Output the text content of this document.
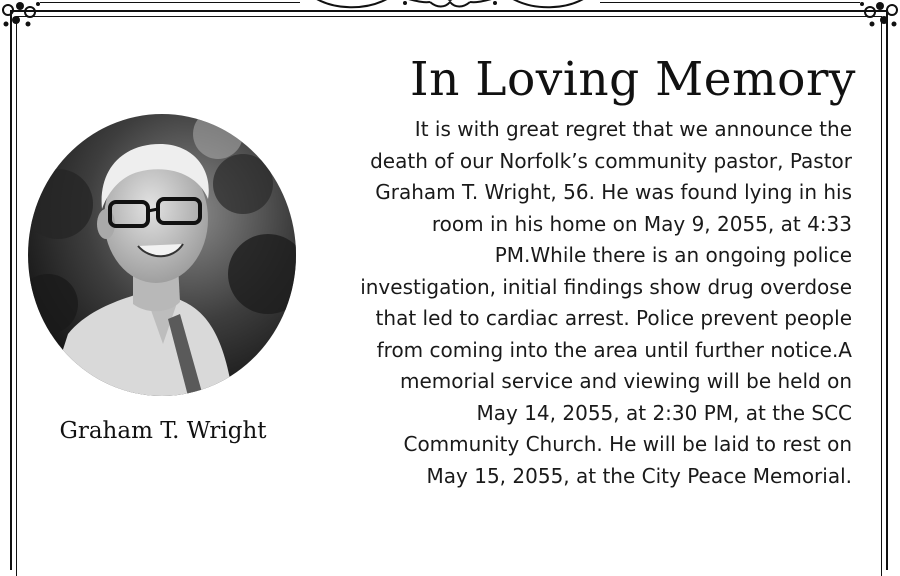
In Loving Memory
It is with great regret that we announce the
death of our Norfolk’s community pastor, Pastor
Graham T. Wright, 56. He was found lying in his
room in his home on May 9, 2055, at 4:33
PM.While there is an ongoing police
investigation, initial findings show drug overdose
that led to cardiac arrest. Police prevent people
from coming into the area until further notice.A
memorial service and viewing will be held on
May 14, 2055, at 2:30 PM, at the SCC
Community Church. He will be laid to rest on
May 15, 2055, at the City Peace Memorial.
Graham T. Wright
